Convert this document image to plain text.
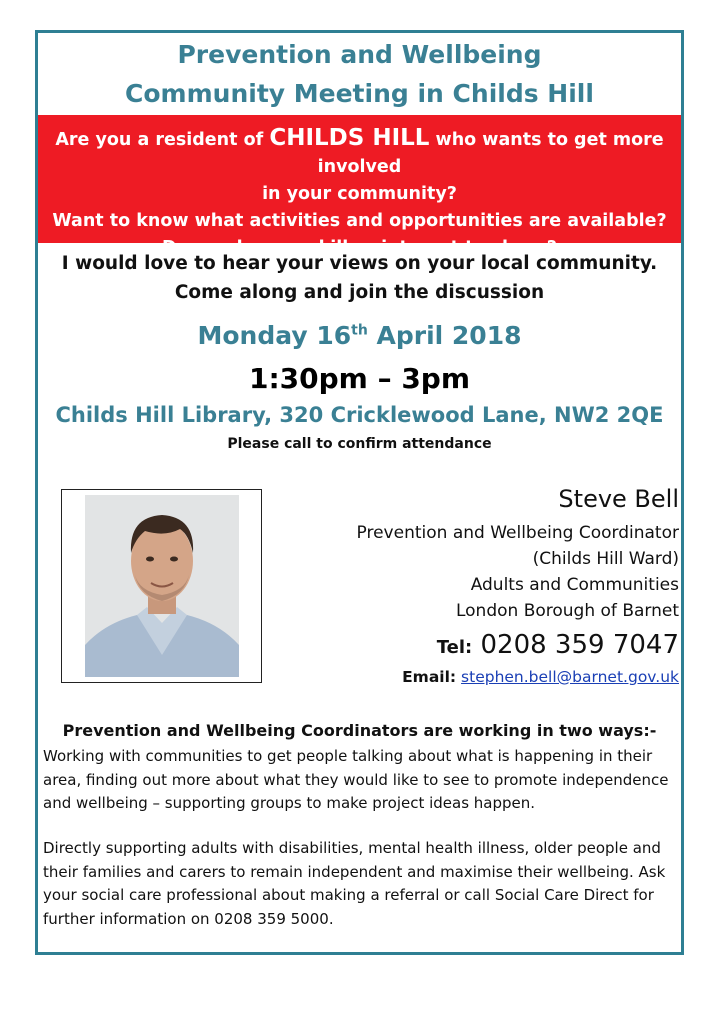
Prevention and Wellbeing
Community Meeting in Childs Hill
Are you a resident of CHILDS HILL who wants to get more involved
in your community?
Want to know what activities and opportunities are available?
Do you have a skill or interest to share?
I would love to hear your views on your local community.
Come along and join the discussion
Monday 16th April 2018
1:30pm – 3pm
Childs Hill Library, 320 Cricklewood Lane, NW2 2QE
Please call to confirm attendance
Steve Bell
Prevention and Wellbeing Coordinator
(Childs Hill Ward)
Adults and Communities
London Borough of Barnet
Tel: 0208 359 7047
Email: stephen.bell@barnet.gov.uk
Prevention and Wellbeing Coordinators are working in two ways:-
Working with communities to get people talking about what is happening in their area, finding out more about what they would like to see to promote independence and wellbeing – supporting groups to make project ideas happen.
Directly supporting adults with disabilities, mental health illness, older people and their families and carers to remain independent and maximise their wellbeing. Ask your social care professional about making a referral or call Social Care Direct for further information on 0208 359 5000.
